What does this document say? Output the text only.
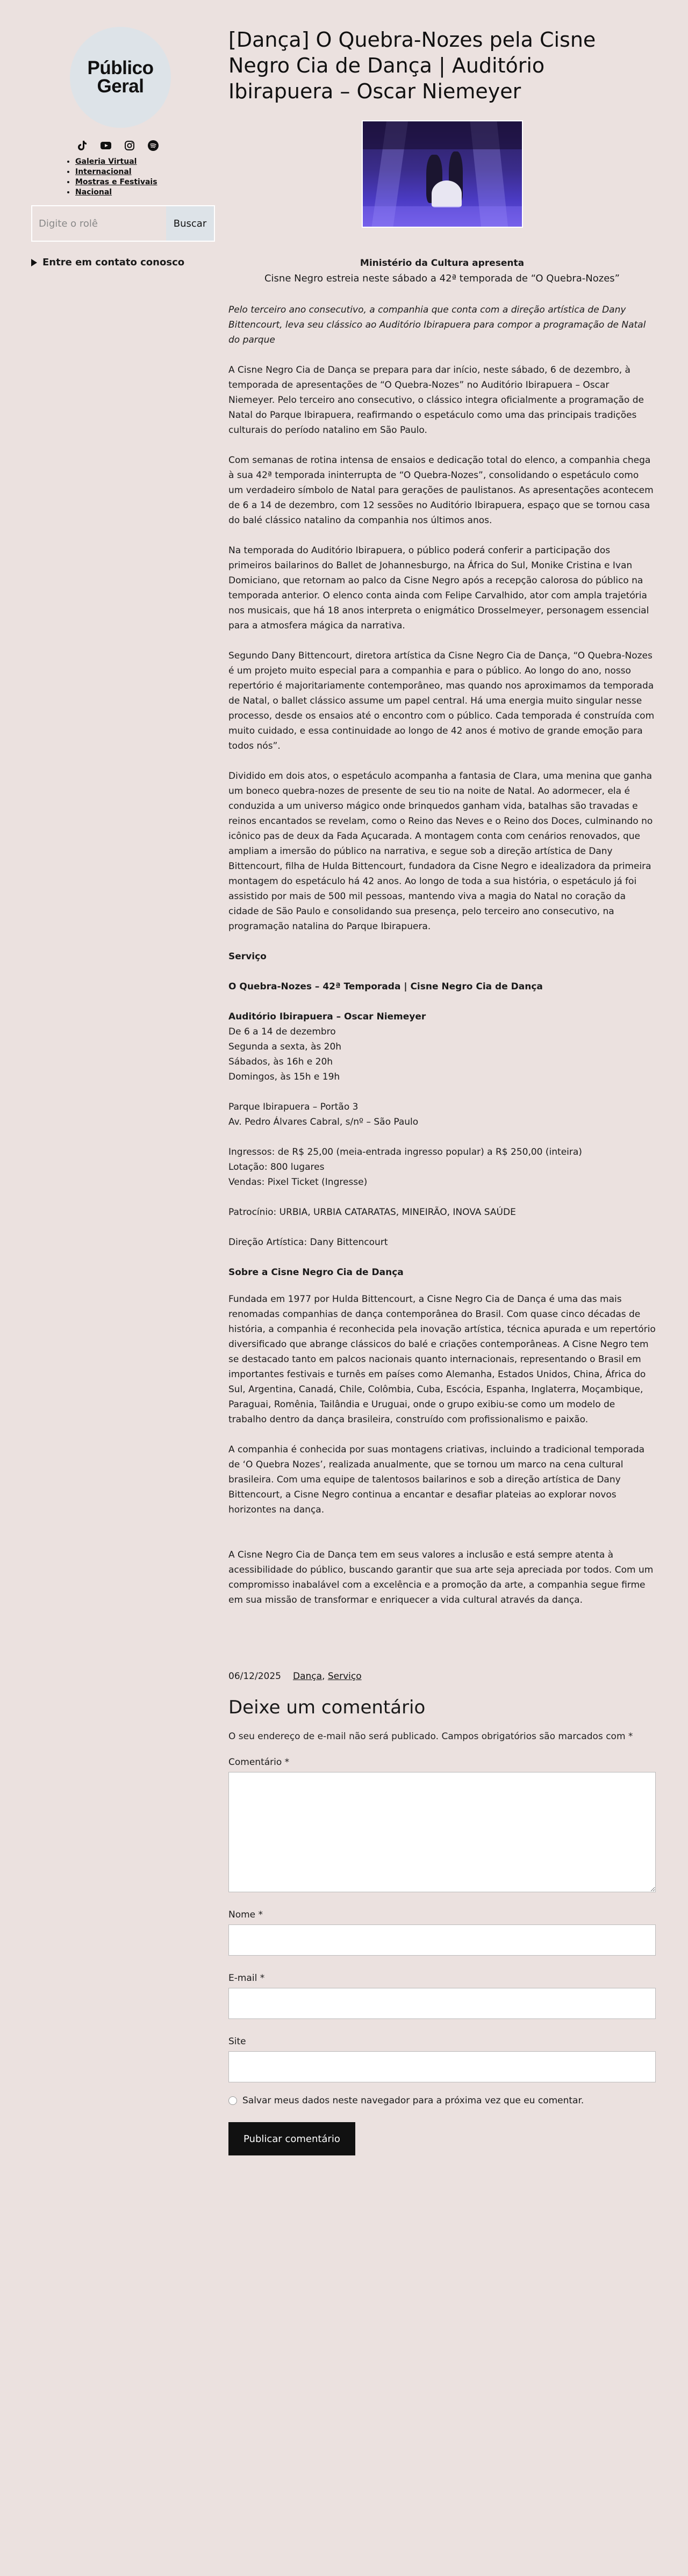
Público
Geral
• Galeria Virtual
• Internacional
• Mostras e Festivais
• Nacional
Digite o rolê
Buscar
Entre em contato conosco
[Dança] O Quebra-Nozes pela Cisne Negro Cia de Dança | Auditório Ibirapuera – Oscar Niemeyer
Ministério da Cultura apresenta
Cisne Negro estreia neste sábado a 42ª temporada de “O Quebra-Nozes”
Pelo terceiro ano consecutivo, a companhia que conta com a direção artística de Dany Bittencourt, leva seu clássico ao Auditório Ibirapuera para compor a programação de Natal do parque
A Cisne Negro Cia de Dança se prepara para dar início, neste sábado, 6 de dezembro, à temporada de apresentações de “O Quebra-Nozes” no Auditório Ibirapuera – Oscar Niemeyer. Pelo terceiro ano consecutivo, o clássico integra oficialmente a programação de Natal do Parque Ibirapuera, reafirmando o espetáculo como uma das principais tradições culturais do período natalino em São Paulo.
Com semanas de rotina intensa de ensaios e dedicação total do elenco, a companhia chega à sua 42ª temporada ininterrupta de “O Quebra-Nozes”, consolidando o espetáculo como um verdadeiro símbolo de Natal para gerações de paulistanos. As apresentações acontecem de 6 a 14 de dezembro, com 12 sessões no Auditório Ibirapuera, espaço que se tornou casa do balé clássico natalino da companhia nos últimos anos.
Na temporada do Auditório Ibirapuera, o público poderá conferir a participação dos primeiros bailarinos do Ballet de Johannesburgo, na África do Sul, Monike Cristina e Ivan Domiciano, que retornam ao palco da Cisne Negro após a recepção calorosa do público na temporada anterior. O elenco conta ainda com Felipe Carvalhido, ator com ampla trajetória nos musicais, que há 18 anos interpreta o enigmático Drosselmeyer, personagem essencial para a atmosfera mágica da narrativa.
Segundo Dany Bittencourt, diretora artística da Cisne Negro Cia de Dança, “O Quebra-Nozes é um projeto muito especial para a companhia e para o público. Ao longo do ano, nosso repertório é majoritariamente contemporâneo, mas quando nos aproximamos da temporada de Natal, o ballet clássico assume um papel central. Há uma energia muito singular nesse processo, desde os ensaios até o encontro com o público. Cada temporada é construída com muito cuidado, e essa continuidade ao longo de 42 anos é motivo de grande emoção para todos nós”.
Dividido em dois atos, o espetáculo acompanha a fantasia de Clara, uma menina que ganha um boneco quebra-nozes de presente de seu tio na noite de Natal. Ao adormecer, ela é conduzida a um universo mágico onde brinquedos ganham vida, batalhas são travadas e reinos encantados se revelam, como o Reino das Neves e o Reino dos Doces, culminando no icônico pas de deux da Fada Açucarada. A montagem conta com cenários renovados, que ampliam a imersão do público na narrativa, e segue sob a direção artística de Dany Bittencourt, filha de Hulda Bittencourt, fundadora da Cisne Negro e idealizadora da primeira montagem do espetáculo há 42 anos. Ao longo de toda a sua história, o espetáculo já foi assistido por mais de 500 mil pessoas, mantendo viva a magia do Natal no coração da cidade de São Paulo e consolidando sua presença, pelo terceiro ano consecutivo, na programação natalina do Parque Ibirapuera.
Serviço
O Quebra-Nozes – 42ª Temporada | Cisne Negro Cia de Dança
Auditório Ibirapuera – Oscar Niemeyer
De 6 a 14 de dezembro
Segunda a sexta, às 20h
Sábados, às 16h e 20h
Domingos, às 15h e 19h
Parque Ibirapuera – Portão 3
Av. Pedro Álvares Cabral, s/nº – São Paulo
Ingressos: de R$ 25,00 (meia-entrada ingresso popular) a R$ 250,00 (inteira)
Lotação: 800 lugares
Vendas: Pixel Ticket (Ingresse)
Patrocínio: URBIA, URBIA CATARATAS, MINEIRÃO, INOVA SAÚDE
Direção Artística: Dany Bittencourt
Sobre a Cisne Negro Cia de Dança
Fundada em 1977 por Hulda Bittencourt, a Cisne Negro Cia de Dança é uma das mais renomadas companhias de dança contemporânea do Brasil. Com quase cinco décadas de história, a companhia é reconhecida pela inovação artística, técnica apurada e um repertório diversificado que abrange clássicos do balé e criações contemporâneas. A Cisne Negro tem se destacado tanto em palcos nacionais quanto internacionais, representando o Brasil em importantes festivais e turnês em países como Alemanha, Estados Unidos, China, África do Sul, Argentina, Canadá, Chile, Colômbia, Cuba, Escócia, Espanha, Inglaterra, Moçambique, Paraguai, Romênia, Tailândia e Uruguai, onde o grupo exibiu-se como um modelo de trabalho dentro da dança brasileira, construído com profissionalismo e paixão.
A companhia é conhecida por suas montagens criativas, incluindo a tradicional temporada de ‘O Quebra Nozes’, realizada anualmente, que se tornou um marco na cena cultural brasileira. Com uma equipe de talentosos bailarinos e sob a direção artística de Dany Bittencourt, a Cisne Negro continua a encantar e desafiar plateias ao explorar novos horizontes na dança.
A Cisne Negro Cia de Dança tem em seus valores a inclusão e está sempre atenta à acessibilidade do público, buscando garantir que sua arte seja apreciada por todos. Com um compromisso inabalável com a excelência e a promoção da arte, a companhia segue firme em sua missão de transformar e enriquecer a vida cultural através da dança.
06/12/2025 Dança, Serviço
Deixe um comentário
O seu endereço de e-mail não será publicado. Campos obrigatórios são marcados com *
Comentário *
Nome *
E-mail *
Site
Salvar meus dados neste navegador para a próxima vez que eu comentar.
Publicar comentário
